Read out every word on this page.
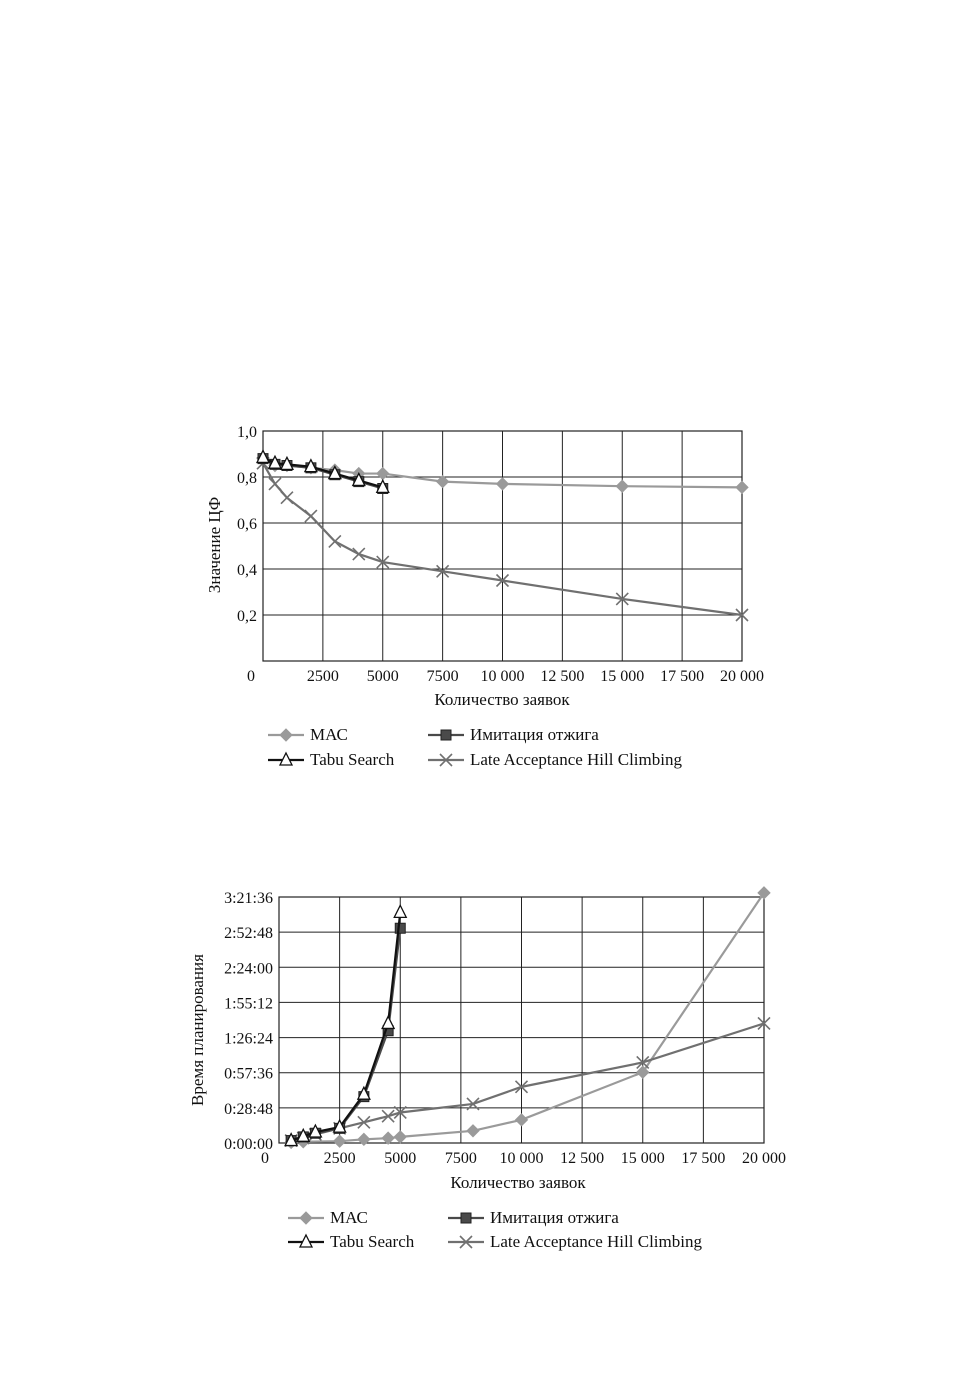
Значение ЦФ
Количество заявок
МАС	Имитация отжига
Tabu Search	Late Acceptance Hill Climbing
Время планирования
Количество заявок
МАС	Имитация отжига
Tabu Search	Late Acceptance Hill Climbing
0	2500 5000 7500 10 000 12 500 15 000 17 500 20 000
0,2
0,4
0,6
0,8
1,0
0	2500 5000 7500 10 000 12 500 15 000 17 500 20 000
0:00:00
0:28:48
0:57:36
1:26:24
1:55:12
2:24:00
2:52:48
3:21:36
